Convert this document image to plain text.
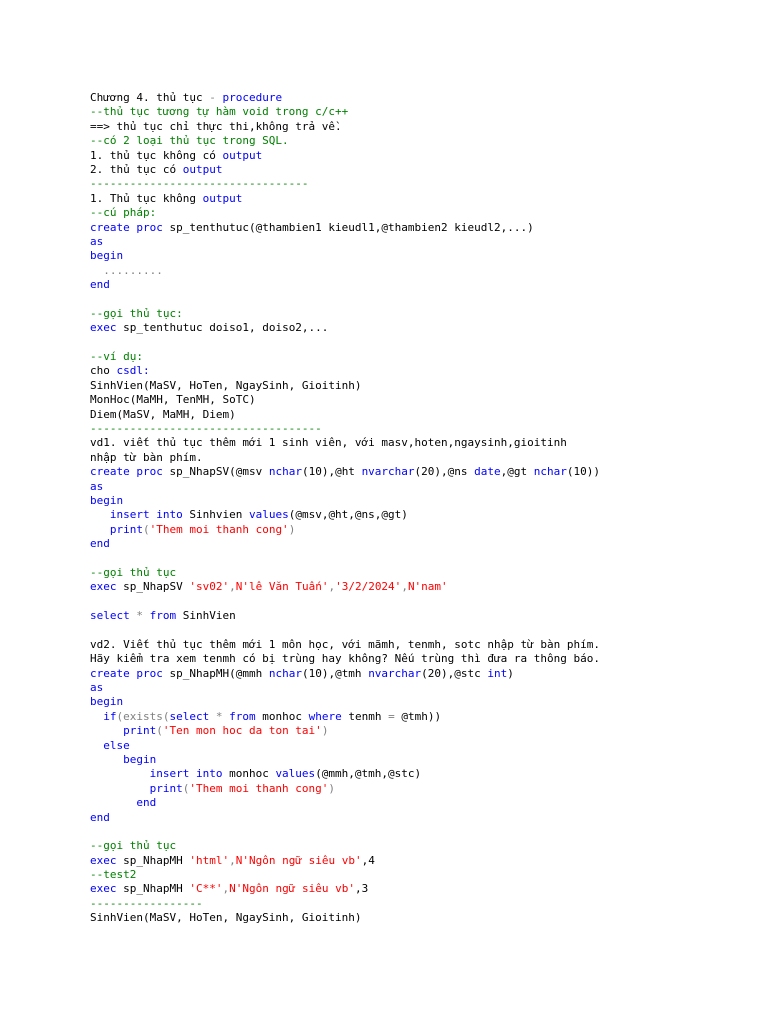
Chương 4. thủ tục - procedure
--thủ tục tương tự hàm void trong c/c++
==> thủ tục chỉ thực thi,không trả về.
--có 2 loại thủ tục trong SQL.
1. thủ tục không có output
2. thủ tục có output
---------------------------------
1. Thủ tục không output
--cú pháp:
create proc sp_tenthutuc(@thambien1 kieudl1,@thambien2 kieudl2,...)
as
begin
.........
end

--gọi thủ tục:
exec sp_tenthutuc doiso1, doiso2,...

--ví dụ:
cho csdl:
SinhVien(MaSV, HoTen, NgaySinh, Gioitinh)
MonHoc(MaMH, TenMH, SoTC)
Diem(MaSV, MaMH, Diem)
-----------------------------------
vd1. viết thủ tục thêm mới 1 sinh viên, với masv,hoten,ngaysinh,gioitinh
nhập từ bàn phím.
create proc sp_NhapSV(@msv nchar(10),@ht nvarchar(20),@ns date,@gt nchar(10))
as
begin
insert into Sinhvien values(@msv,@ht,@ns,@gt)
print('Them moi thanh cong')
end

--gọi thủ tục
exec sp_NhapSV 'sv02',N'lê Văn Tuấn','3/2/2024',N'nam'

select * from SinhVien

vd2. Viết thủ tục thêm mới 1 môn học, với mãmh, tenmh, sotc nhập từ bàn phím.
Hãy kiểm tra xem tenmh có bị trùng hay không? Nếu trùng thì đưa ra thông báo.
create proc sp_NhapMH(@mmh nchar(10),@tmh nvarchar(20),@stc int)
as
begin
if(exists(select * from monhoc where tenmh = @tmh))
print('Ten mon hoc da ton tai')
else
begin
insert into monhoc values(@mmh,@tmh,@stc)
print('Them moi thanh cong')
end
end

--gọi thủ tục
exec sp_NhapMH 'html',N'Ngôn ngữ siêu vb',4
--test2
exec sp_NhapMH 'C**',N'Ngôn ngữ siêu vb',3
-----------------
SinhVien(MaSV, HoTen, NgaySinh, Gioitinh)
